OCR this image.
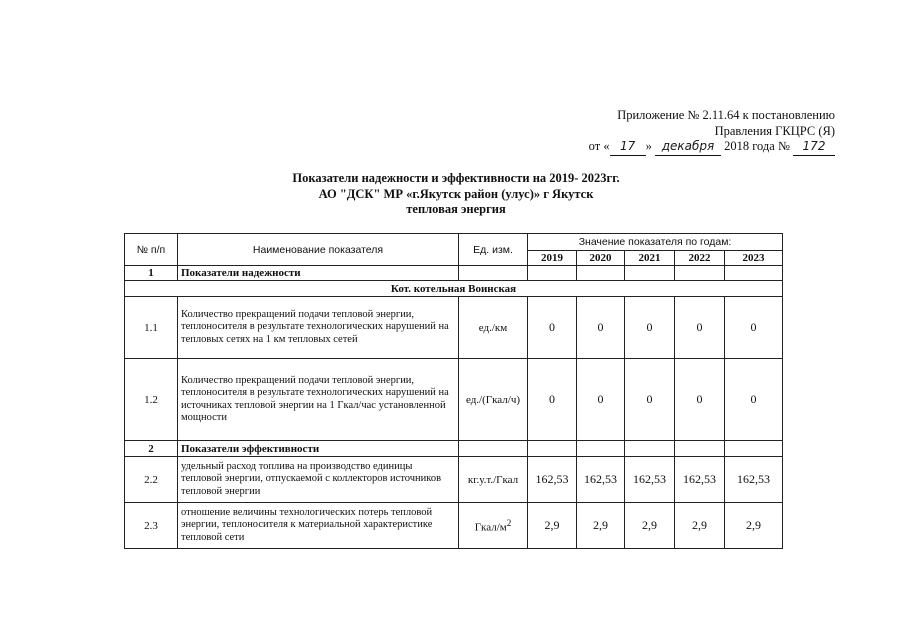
Приложение № 2.11.64 к постановлению
Правления ГКЦРС (Я)
от « 17 » декабря 2018 года № 172
Показатели надежности и эффективности на 2019- 2023гг.
АО "ДСК" МР «г.Якутск район (улус)» г Якутск
тепловая энергия
№ п/п	Наименование показателя	Ед. изм.	Значение показателя по годам:				
			2019	2020	2021	2022	2023
1	Показатели надежности						
Кот. котельная Воинская							
1.1	Количество прекращений подачи тепловой энергии, теплоносителя в результате технологических нарушений на тепловых сетях на 1 км тепловых сетей	ед./км	0	0	0	0	0
1.2	Количество прекращений подачи тепловой энергии, теплоносителя в результате технологических нарушений на источниках тепловой энергии на 1 Гкал/час установленной мощности	ед./(Гкал/ч)	0	0	0	0	0
2	Показатели эффективности						
2.2	удельный расход топлива на производство единицы тепловой энергии, отпускаемой с коллекторов источников тепловой энергии	кг.у.т./Гкал	162,53	162,53	162,53	162,53	162,53
2.3	отношение величины технологических потерь тепловой энергии, теплоносителя к материальной характеристике тепловой сети	Гкал/$м^2$	2,9	2,9	2,9	2,9	2,9
